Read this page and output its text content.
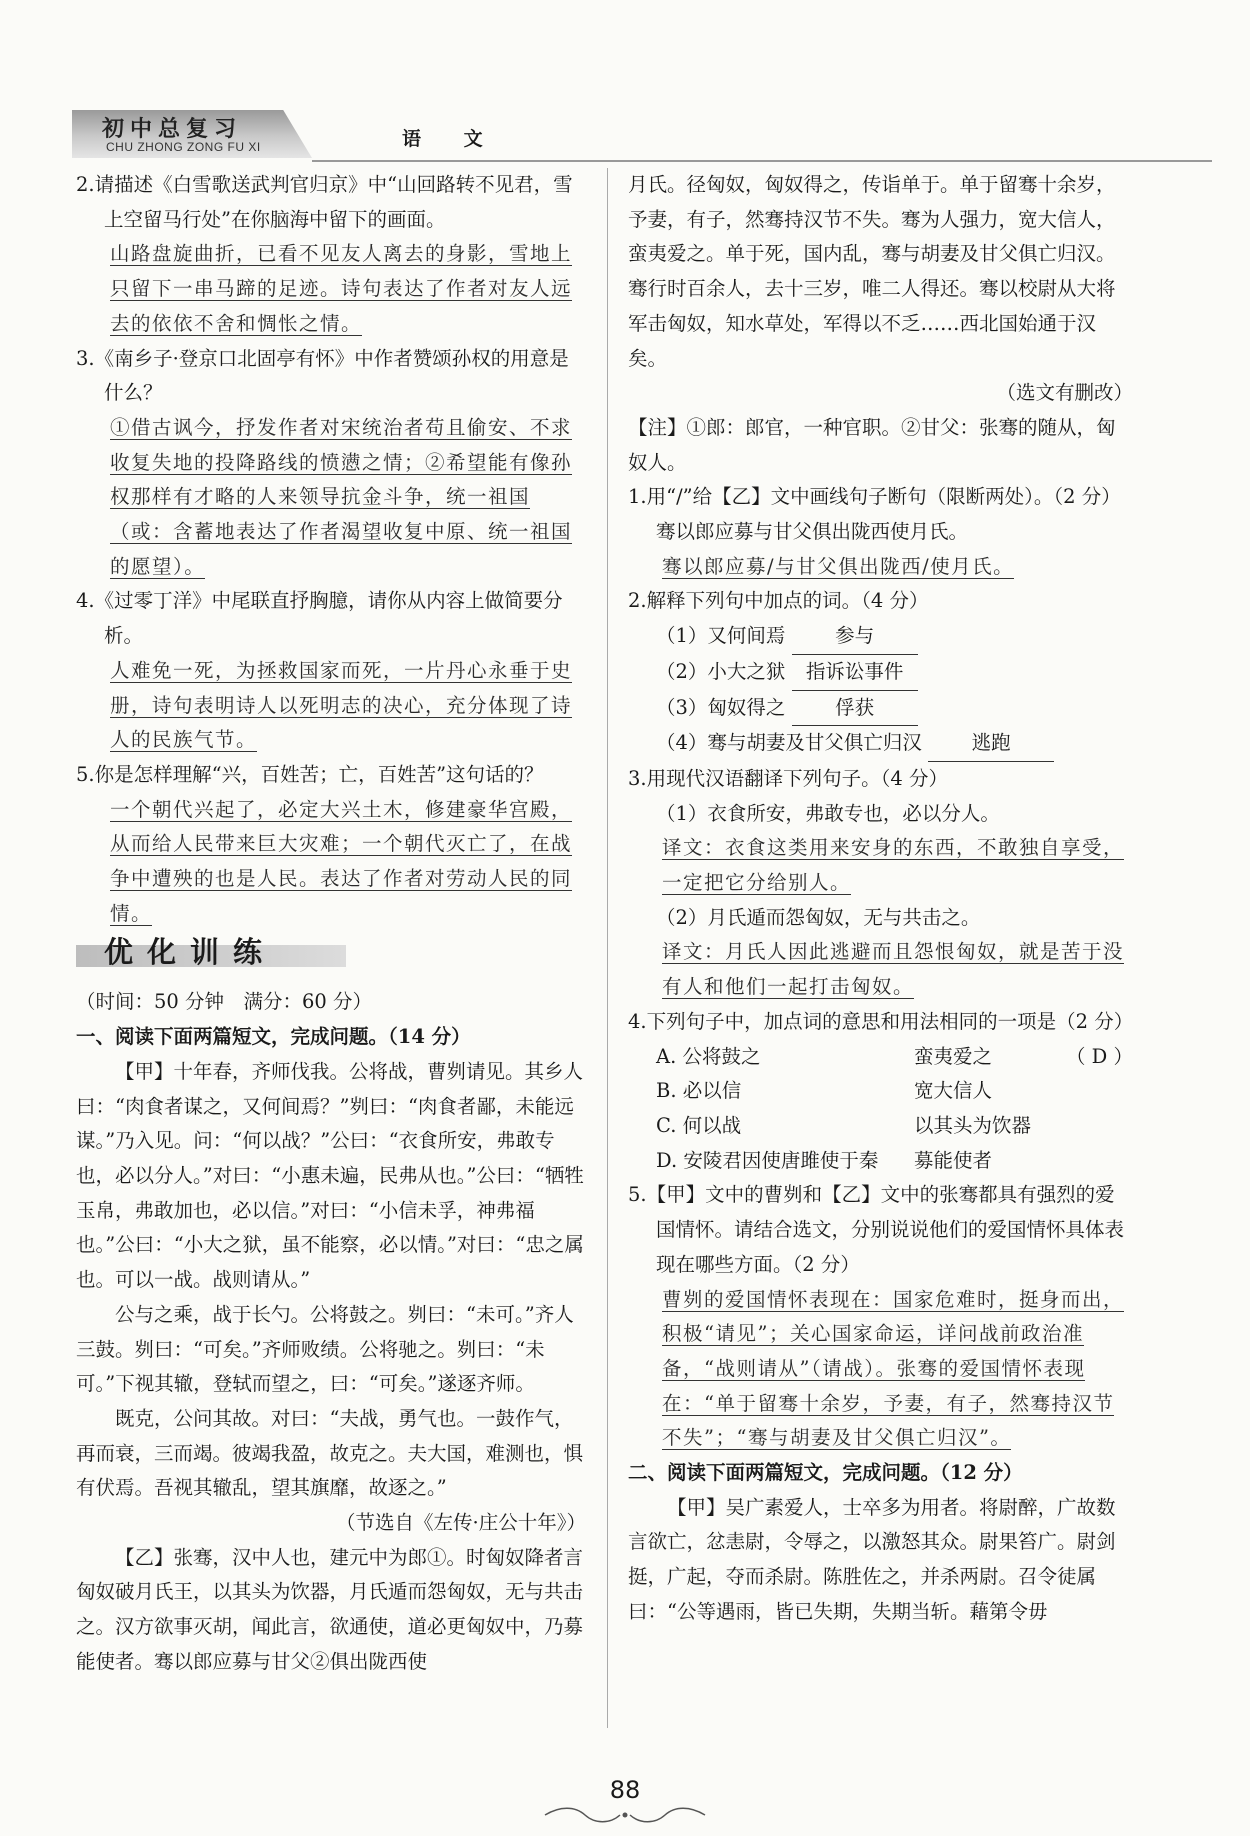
初中总复习
CHU ZHONG ZONG FU XI	语 文

2.请描述《白雪歌送武判官归京》中“山回路转不见君，雪上空留马行处”在你脑海中留下的画面。

山路盘旋曲折，已看不见友人离去的身影，雪地上只留下一串马蹄的足迹。诗句表达了作者对友人远去的依依不舍和惆怅之情。

3.《南乡子·登京口北固亭有怀》中作者赞颂孙权的用意是什么？

①借古讽今，抒发作者对宋统治者苟且偷安、不求收复失地的投降路线的愤懑之情；②希望能有像孙权那样有才略的人来领导抗金斗争，统一祖国（或：含蓄地表达了作者渴望收复中原、统一祖国的愿望）。

4.《过零丁洋》中尾联直抒胸臆，请你从内容上做简要分析。

人难免一死，为拯救国家而死，一片丹心永垂于史册，诗句表明诗人以死明志的决心，充分体现了诗人的民族气节。

5.你是怎样理解“兴，百姓苦；亡，百姓苦”这句话的？

一个朝代兴起了，必定大兴土木，修建豪华宫殿，从而给人民带来巨大灾难；一个朝代灭亡了，在战争中遭殃的也是人民。表达了作者对劳动人民的同情。

优化训练

（时间：50 分钟　满分：60 分）

一、阅读下面两篇短文，完成问题。（14 分）

【甲】十年春，齐师伐我。公将战，曹刿请见。其乡人曰：“肉食者谋之，又何间焉？”刿曰：“肉食者鄙，未能远谋。”乃入见。问：“何以战？”公曰：“衣食所安，弗敢专也，必以分人。”对曰：“小惠未遍，民弗从也。”公曰：“牺牲玉帛，弗敢加也，必以信。”对曰：“小信未孚，神弗福也。”公曰：“小大之狱，虽不能察，必以情。”对曰：“忠之属也。可以一战。战则请从。”

公与之乘，战于长勺。公将鼓之。刿曰：“未可。”齐人三鼓。刿曰：“可矣。”齐师败绩。公将驰之。刿曰：“未可。”下视其辙，登轼而望之，曰：“可矣。”遂逐齐师。

既克，公问其故。对曰：“夫战，勇气也。一鼓作气，再而衰，三而竭。彼竭我盈，故克之。夫大国，难测也，惧有伏焉。吾视其辙乱，望其旗靡，故逐之。”

（节选自《左传·庄公十年》）

【乙】张骞，汉中人也，建元中为郎①。时匈奴降者言匈奴破月氏王，以其头为饮器，月氏遁而怨匈奴，无与共击之。汉方欲事灭胡，闻此言，欲通使，道必更匈奴中，乃募能使者。骞以郎应募与甘父②俱出陇西使

月氏。径匈奴，匈奴得之，传诣单于。单于留骞十余岁，予妻，有子，然骞持汉节不失。骞为人强力，宽大信人，蛮夷爱之。单于死，国内乱，骞与胡妻及甘父俱亡归汉。骞行时百余人，去十三岁，唯二人得还。骞以校尉从大将军击匈奴，知水草处，军得以不乏……西北国始通于汉矣。

（选文有删改）

【注】①郎：郎官，一种官职。②甘父：张骞的随从，匈奴人。

1.用“/”给【乙】文中画线句子断句（限断两处）。（2 分）

骞以郎应募与甘父俱出陇西使月氏。

骞以郎应募/与甘父俱出陇西/使月氏。

2.解释下列句中加点的词。（4 分）

（1）又何间焉	参与
（2）小大之狱 指诉讼事件
（3）匈奴得之	俘获
（4）骞与胡妻及甘父俱亡归汉	逃跑

3.用现代汉语翻译下列句子。（4 分）

（1）衣食所安，弗敢专也，必以分人。

译文：衣食这类用来安身的东西，不敢独自享受，一定把它分给别人。

（2）月氏遁而怨匈奴，无与共击之。

译文：月氏人因此逃避而且怨恨匈奴，就是苦于没有人和他们一起打击匈奴。

4.下列句子中，加点词的意思和用法相同的一项是（2 分）
（ D ）

A. 公将鼓之	蛮夷爱之
B. 必以信	宽大信人
C. 何以战	以其头为饮器
D. 安陵君因使唐雎使于秦	募能使者

5.【甲】文中的曹刿和【乙】文中的张骞都具有强烈的爱国情怀。请结合选文，分别说说他们的爱国情怀具体表现在哪些方面。（2 分）

曹刿的爱国情怀表现在：国家危难时，挺身而出，积极“请见”；关心国家命运，详问战前政治准备，“战则请从”（请战）。张骞的爱国情怀表现在：“单于留骞十余岁，予妻，有子，然骞持汉节不失”；“骞与胡妻及甘父俱亡归汉”。

二、阅读下面两篇短文，完成问题。（12 分）

【甲】吴广素爱人，士卒多为用者。将尉醉，广故数言欲亡，忿恚尉，令辱之，以激怒其众。尉果笞广。尉剑挺，广起，夺而杀尉。陈胜佐之，并杀两尉。召令徒属曰：“公等遇雨，皆已失期，失期当斩。藉第令毋

88
